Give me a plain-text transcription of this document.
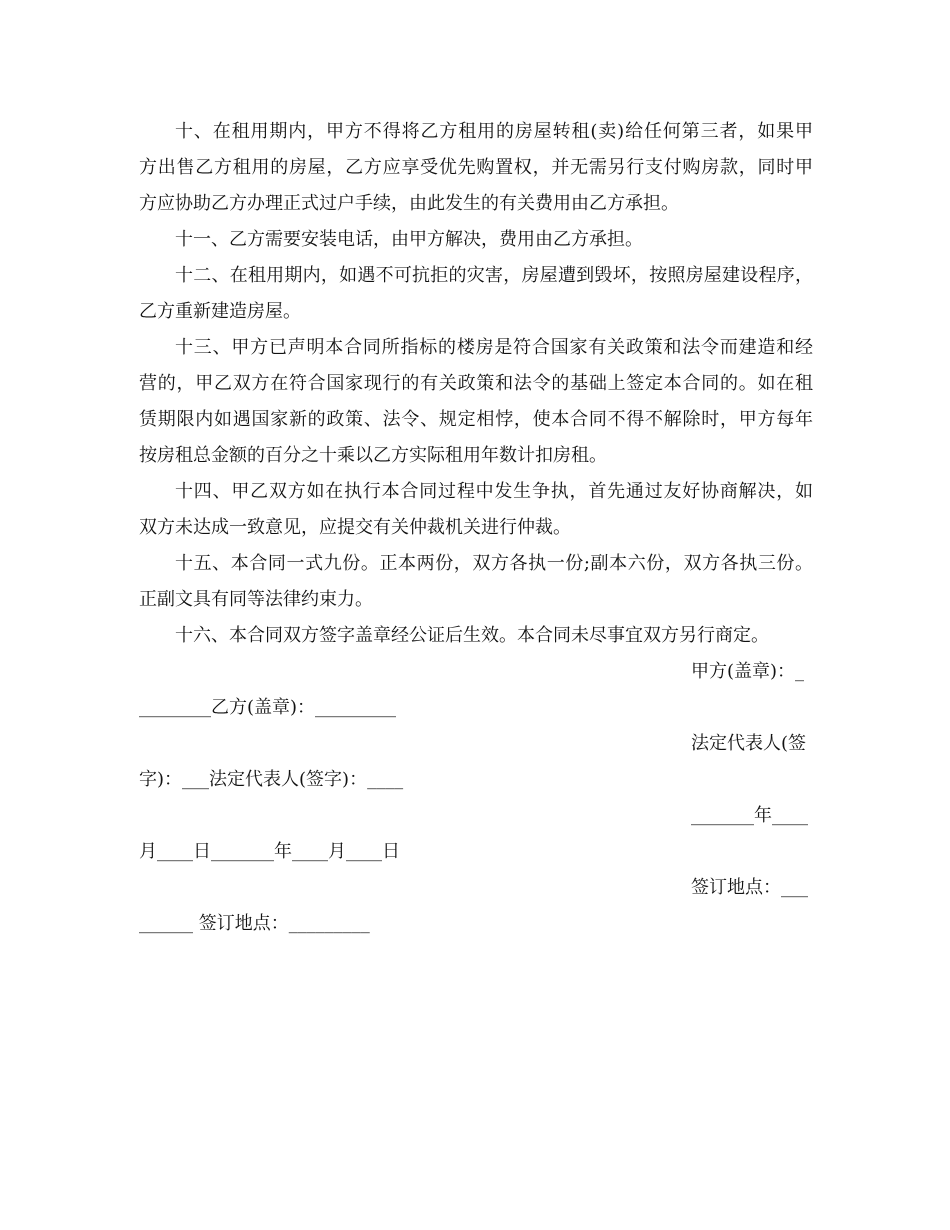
十、在租用期内，甲方不得将乙方租用的房屋转租(卖)给任何第三者，如果甲
方出售乙方租用的房屋，乙方应享受优先购置权，并无需另行支付购房款，同时甲
方应协助乙方办理正式过户手续，由此发生的有关费用由乙方承担。
十一、乙方需要安装电话，由甲方解决，费用由乙方承担。
十二、在租用期内，如遇不可抗拒的灾害，房屋遭到毁坏，按照房屋建设程序，
乙方重新建造房屋。
十三、甲方已声明本合同所指标的楼房是符合国家有关政策和法令而建造和经
营的，甲乙双方在符合国家现行的有关政策和法令的基础上签定本合同的。如在租
赁期限内如遇国家新的政策、法令、规定相悖，使本合同不得不解除时，甲方每年
按房租总金额的百分之十乘以乙方实际租用年数计扣房租。
十四、甲乙双方如在执行本合同过程中发生争执，首先通过友好协商解决，如
双方未达成一致意见，应提交有关仲裁机关进行仲裁。
十五、本合同一式九份。正本两份，双方各执一份;副本六份，双方各执三份。
正副文具有同等法律约束力。
十六、本合同双方签字盖章经公证后生效。本合同未尽事宜双方另行商定。
甲方(盖章)：_
________乙方(盖章)：_________
法定代表人(签
字)：___法定代表人(签字)：____
_______年____
月____日_______年____月____日
签订地点：___
______ 签订地点：_________
